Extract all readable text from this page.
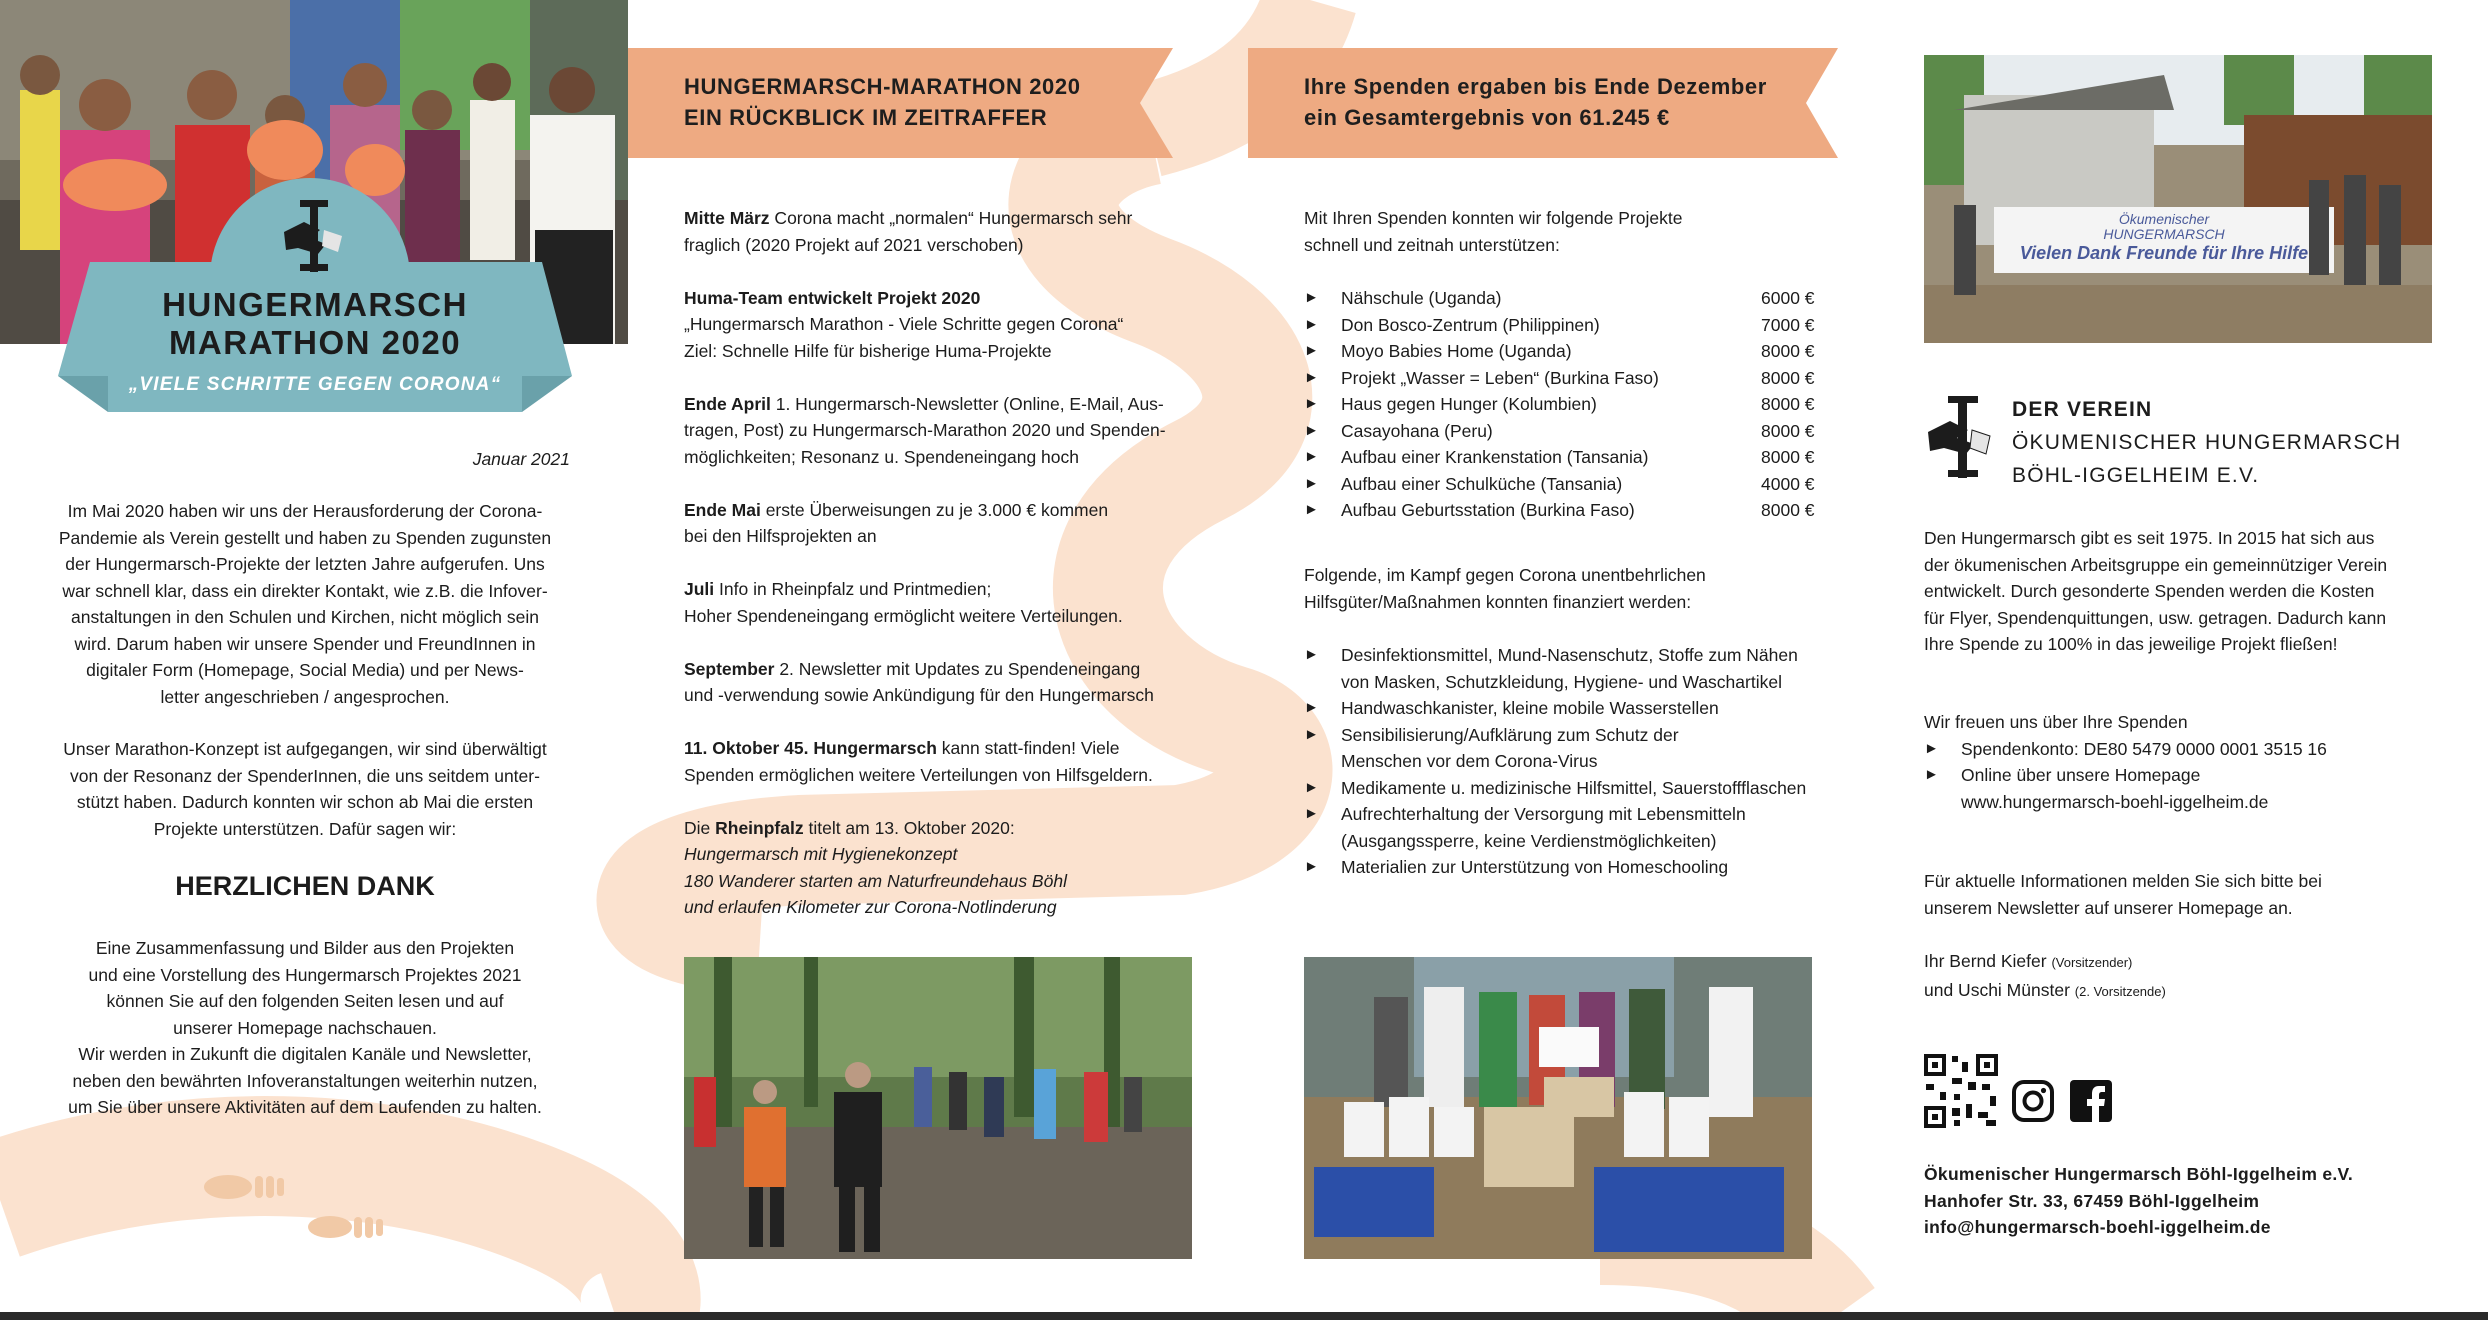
HUNGERMARSCH
MARATHON 2020
„VIELE SCHRITTE GEGEN CORONA“
Januar 2021
Im Mai 2020 haben wir uns der Herausforderung der Corona-
Pandemie als Verein gestellt und haben zu Spenden zugunsten
der Hungermarsch-Projekte der letzten Jahre aufgerufen. Uns
war schnell klar, dass ein direkter Kontakt, wie z.B. die Infover-
anstaltungen in den Schulen und Kirchen, nicht möglich sein
wird. Darum haben wir unsere Spender und FreundInnen in
digitaler Form (Homepage, Social Media) und per News-
letter angeschrieben / angesprochen.
Unser Marathon-Konzept ist aufgegangen, wir sind überwältigt
von der Resonanz der SpenderInnen, die uns seitdem unter-
stützt haben. Dadurch konnten wir schon ab Mai die ersten
Projekte unterstützen. Dafür sagen wir:
HERZLICHEN DANK
Eine Zusammenfassung und Bilder aus den Projekten
und eine Vorstellung des Hungermarsch Projektes 2021
können Sie auf den folgenden Seiten lesen und auf
unserer Homepage nachschauen.
Wir werden in Zukunft die digitalen Kanäle und Newsletter,
neben den bewährten Infoveranstaltungen weiterhin nutzen,
um Sie über unsere Aktivitäten auf dem Laufenden zu halten.
HUNGERMARSCH-MARATHON 2020
EIN RÜCKBLICK IM ZEITRAFFER

Mitte März Corona macht „normalen“ Hungermarsch sehr
fraglich (2020 Projekt auf 2021 verschoben)

Huma-Team entwickelt Projekt 2020
„Hungermarsch Marathon - Viele Schritte gegen Corona“
Ziel: Schnelle Hilfe für bisherige Huma-Projekte

Ende April 1. Hungermarsch-Newsletter (Online, E-Mail, Aus-
tragen, Post) zu Hungermarsch-Marathon 2020 und Spenden-
möglichkeiten; Resonanz u. Spendeneingang hoch

Ende Mai erste Überweisungen zu je 3.000 € kommen
bei den Hilfsprojekten an

Juli Info in Rheinpfalz und Printmedien;
Hoher Spendeneingang ermöglicht weitere Verteilungen.

September 2. Newsletter mit Updates zu Spendeneingang
und -verwendung sowie Ankündigung für den Hungermarsch

11. Oktober 45. Hungermarsch kann statt-finden! Viele
Spenden ermöglichen weitere Verteilungen von Hilfsgeldern.

Die Rheinpfalz titelt am 13. Oktober 2020:
Hungermarsch mit Hygienekonzept
180 Wanderer starten am Naturfreundehaus Böhl
und erlaufen Kilometer zur Corona-Notlinderung

Ihre Spenden ergaben bis Ende Dezember
ein Gesamtergebnis von 61.245 €
Mit Ihren Spenden konnten wir folgende Projekte
schnell und zeitnah unterstützen:
► Nähschule (Uganda)	6000 €
► Don Bosco-Zentrum (Philippinen)	7000 €
► Moyo Babies Home (Uganda)	8000 €
► Projekt „Wasser = Leben“ (Burkina Faso)	8000 €
► Haus gegen Hunger (Kolumbien)	8000 €
► Casayohana (Peru)	8000 €
► Aufbau einer Krankenstation (Tansania)	8000 €
► Aufbau einer Schulküche (Tansania)	4000 €
► Aufbau Geburtsstation (Burkina Faso)	8000 €
Folgende, im Kampf gegen Corona unentbehrlichen
Hilfsgüter/Maßnahmen konnten finanziert werden:
► Desinfektionsmittel, Mund-Nasenschutz, Stoffe zum Nähen
von Masken, Schutzkleidung, Hygiene- und Waschartikel
► Handwaschkanister, kleine mobile Wasserstellen
► Sensibilisierung/Aufklärung zum Schutz der
Menschen vor dem Corona-Virus
► Medikamente u. medizinische Hilfsmittel, Sauerstoffflaschen
► Aufrechterhaltung der Versorgung mit Lebensmitteln
(Ausgangssperre, keine Verdienstmöglichkeiten)
► Materialien zur Unterstützung von Homeschooling
Ökumenischer
HUNGERMARSCH
Vielen Dank Freunde für Ihre Hilfe
DER VEREIN
ÖKUMENISCHER HUNGERMARSCH
BÖHL-IGGELHEIM E.V.
Den Hungermarsch gibt es seit 1975. In 2015 hat sich aus
der ökumenischen Arbeitsgruppe ein gemeinnütziger Verein
entwickelt. Durch gesonderte Spenden werden die Kosten
für Flyer, Spendenquittungen, usw. getragen. Dadurch kann
Ihre Spende zu 100% in das jeweilige Projekt fließen!
Wir freuen uns über Ihre Spenden
► Spendenkonto: DE80 5479 0000 0001 3515 16
► Online über unsere Homepage
www.hungermarsch-boehl-iggelheim.de
Für aktuelle Informationen melden Sie sich bitte bei
unserem Newsletter auf unserer Homepage an.
Ihr Bernd Kiefer (Vorsitzender)
und Uschi Münster (2. Vorsitzende)
Ökumenischer Hungermarsch Böhl-Iggelheim e.V.
Hanhofer Str. 33, 67459 Böhl-Iggelheim
info@hungermarsch-boehl-iggelheim.de
